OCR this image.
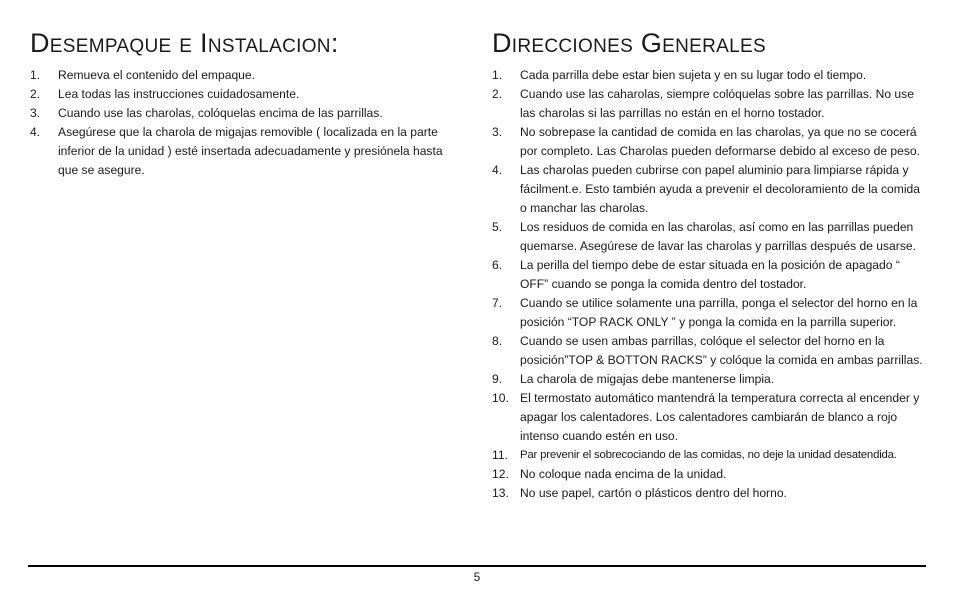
Desempaque e Instalacion:
1.	Remueva el contenido del empaque.
2.	Lea todas las instrucciones cuidadosamente.
3.	Cuando use las charolas, colóquelas encima de las parrillas.
4.	Asegúrese que la charola de migajas removible ( localizada en la parte inferior de la unidad ) esté insertada adecuadamente y presiónela hasta que se asegure.
Direcciones Generales
1.	Cada parrilla debe estar bien sujeta y en su lugar todo el tiempo.
2.	Cuando use las caharolas, siempre colóquelas sobre las parrillas. No use las charolas si las parrillas no están en el horno tostador.
3.	No sobrepase la cantidad de comida en las charolas, ya que no se cocerá por completo. Las Charolas pueden deformarse debido al exceso de peso.
4.	Las charolas pueden cubrirse con papel aluminio para limpiarse rápida y fácilment.e. Esto también ayuda a prevenir el decoloramiento de la comida o manchar las charolas.
5.	Los residuos de comida en las charolas, así como en las parrillas pueden quemarse. Asegúrese de lavar las charolas y parrillas después de usarse.
6.	La perilla del tiempo debe de estar situada en la posición de apagado “ OFF” cuando se ponga la comida dentro del tostador.
7.	Cuando se utilice solamente una parrilla, ponga el selector del horno en la posición “TOP RACK ONLY ” y ponga la comida en la parrilla superior.
8.	Cuando se usen ambas parrillas, colóque el selector del horno en la posición”TOP & BOTTON RACKS” y colóque la comida en ambas parrillas.
9.	La charola de migajas debe mantenerse limpia.
10. El termostato automático mantendrá la temperatura correcta al encender y apagar los calentadores. Los calentadores cambiarán de blanco a rojo intenso cuando estén en uso.
11.	Par prevenir el sobrecociando de las comidas, no deje la unidad desatendida.
12. No coloque nada encima de la unidad.
13. No use papel, cartón o plásticos dentro del horno.
5
